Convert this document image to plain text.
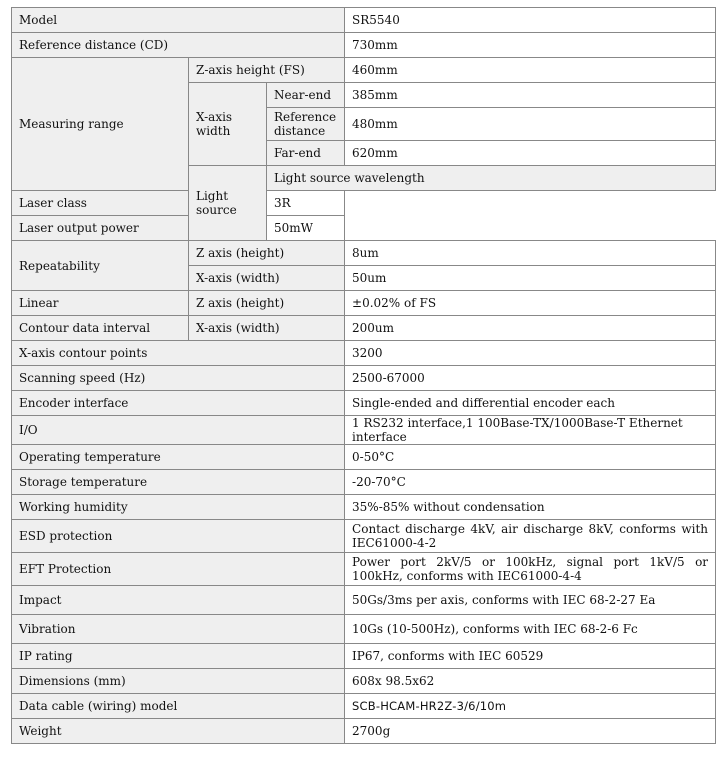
Model			SR5540	
Reference distance (CD)			730mm	
Measuring range	Z-axis height (FS)		460mm	
	X-axis width	Near-end	385mm	
		Reference distance	480mm	
		Far-end	620mm	
	Light source	Light source wavelength	
Laser class		3R		
Laser output power		50mW		
Repeatability	Z axis (height)		8um	
	X-axis (width)		50um	
Linear	Z axis (height)		±0.02% of FS	
Contour data interval	X-axis (width)		200um	
X-axis contour points			3200	
Scanning speed (Hz)			2500-67000	
Encoder interface			Single-ended and differential encoder each	
I/O			1 RS232 interface,1 100Base-TX/1000Base-T Ethernet interface	
Operating temperature			0-50°C	
Storage temperature			-20-70°C	
Working humidity			35%-85% without condensation	
ESD protection			Contact discharge 4kV, air discharge 8kV, conforms with IEC61000-4-2	
EFT Protection			Power port 2kV/5 or 100kHz, signal port 1kV/5 or 100kHz, conforms with IEC61000-4-4	
Impact			50Gs/3ms per axis, conforms with IEC 68-2-27 Ea	
Vibration			10Gs (10-500Hz), conforms with IEC 68-2-6 Fc	
IP rating			IP67, conforms with IEC 60529	
Dimensions (mm)			608x 98.5x62	
Data cable (wiring) model			SCB-HCAM-HR2Z-3/6/10m	
Weight			2700g	
